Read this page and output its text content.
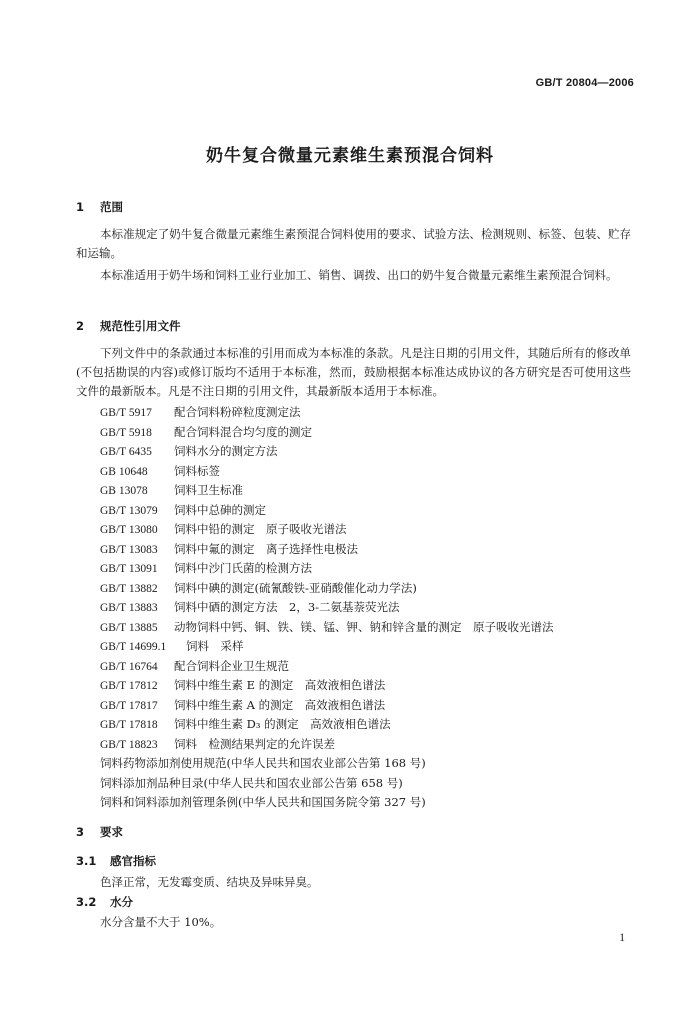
GB/T 20804—2006
奶牛复合微量元素维生素预混合饲料
1 范围

本标准规定了奶牛复合微量元素维生素预混合饲料使用的要求、试验方法、检测规则、标签、包装、贮存和运输。

本标准适用于奶牛场和饲料工业行业加工、销售、调拨、出口的奶牛复合微量元素维生素预混合饲料。

2 规范性引用文件

下列文件中的条款通过本标准的引用而成为本标准的条款。凡是注日期的引用文件，其随后所有的修改单(不包括勘误的内容)或修订版均不适用于本标准，然而，鼓励根据本标准达成协议的各方研究是否可使用这些文件的最新版本。凡是不注日期的引用文件，其最新版本适用于本标准。

GB/T 5917 配合饲料粉碎粒度测定法
GB/T 5918 配合饲料混合均匀度的测定
GB/T 6435 饲料水分的测定方法
GB 10648 饲料标签
GB 13078 饲料卫生标准
GB/T 13079 饲料中总砷的测定
GB/T 13080 饲料中铅的测定　原子吸收光谱法
GB/T 13083 饲料中氟的测定　离子选择性电极法
GB/T 13091 饲料中沙门氏菌的检测方法
GB/T 13882 饲料中碘的测定(硫氰酸铁-亚硝酸催化动力学法)
GB/T 13883 饲料中硒的测定方法　2，3-二氨基萘荧光法
GB/T 13885 动物饲料中钙、铜、铁、镁、锰、钾、钠和锌含量的测定　原子吸收光谱法
GB/T 14699.1 饲料　采样
GB/T 16764 配合饲料企业卫生规范
GB/T 17812 饲料中维生素 E 的测定　高效液相色谱法
GB/T 17817 饲料中维生素 A 的测定　高效液相色谱法
GB/T 17818 饲料中维生素 D₃ 的测定　高效液相色谱法
GB/T 18823 饲料　检测结果判定的允许误差
饲料药物添加剂使用规范(中华人民共和国农业部公告第 168 号)
饲料添加剂品种目录(中华人民共和国农业部公告第 658 号)
饲料和饲料添加剂管理条例(中华人民共和国国务院令第 327 号)
3 要求
3.1 感官指标

色泽正常，无发霉变质、结块及异味异臭。

3.2 水分

水分含量不大于 10%。

1
